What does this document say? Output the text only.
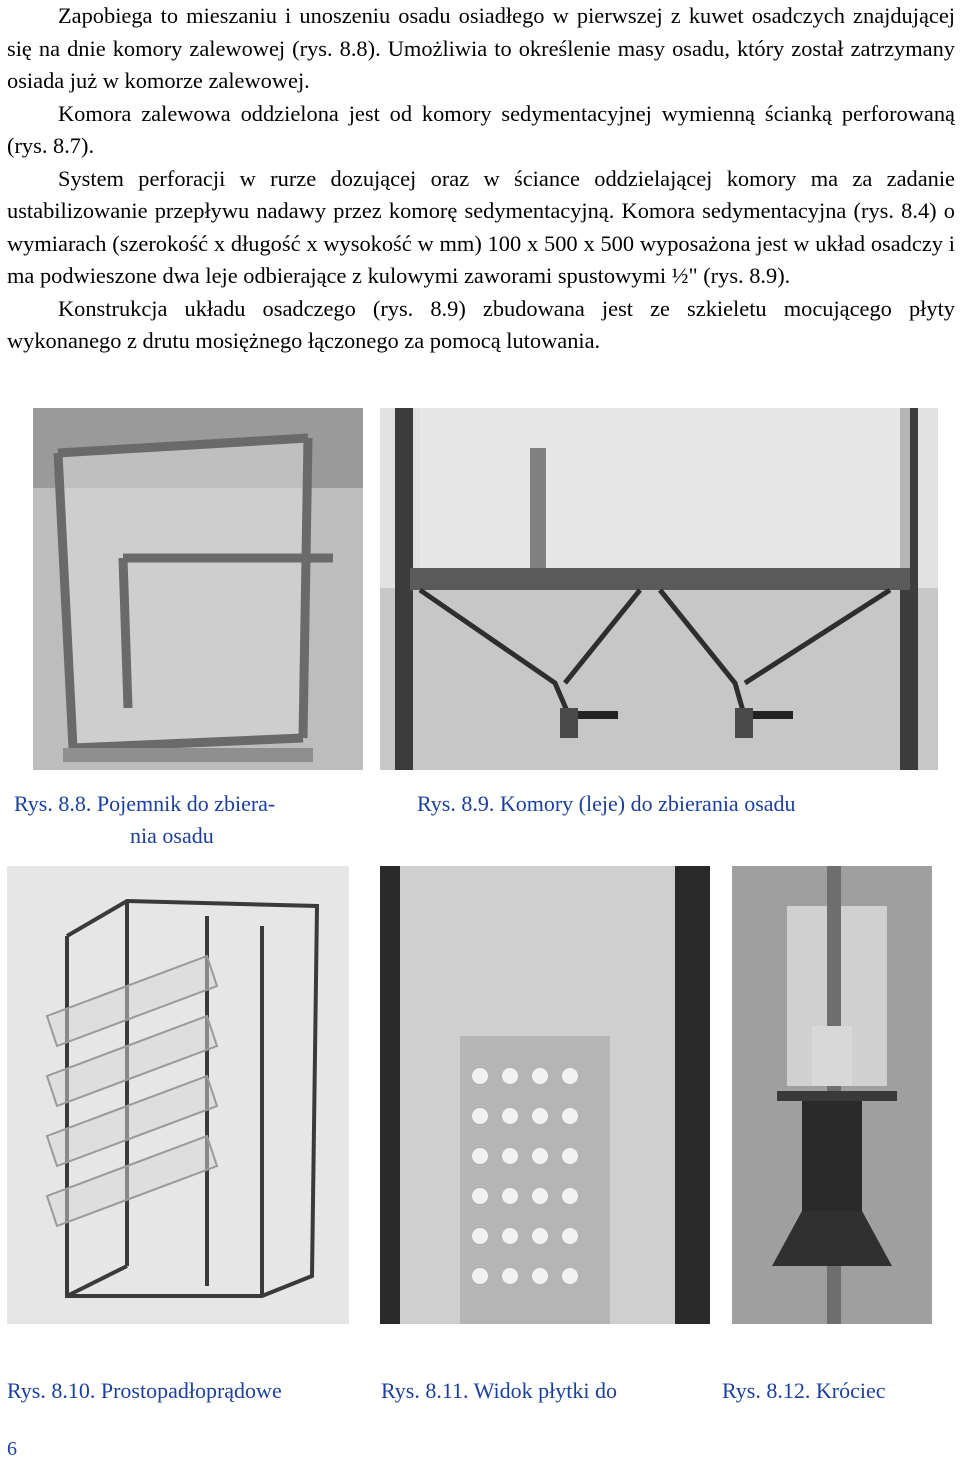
Zapobiega to mieszaniu i unoszeniu osadu osiadłego w pierwszej z kuwet osadczych znajdującej się na dnie komory zalewowej (rys. 8.8). Umożliwia to określenie masy osadu, który został zatrzymany osiada już w komorze zalewowej.

Komora zalewowa oddzielona jest od komory sedymentacyjnej wymienną ścianką perforowaną (rys. 8.7).

System perforacji w rurze dozującej oraz w ściance oddzielającej komory ma za zadanie ustabilizowanie przepływu nadawy przez komorę sedymentacyjną. Komora sedymentacyjna (rys. 8.4) o wymiarach (szerokość x długość x wysokość w mm) 100 x 500 x 500 wyposażona jest w układ osadczy i ma podwieszone dwa leje odbierające z kulowymi zaworami spustowymi ½" (rys. 8.9).

Konstrukcja układu osadczego (rys. 8.9) zbudowana jest ze szkieletu mocującego płyty wykonanego z drutu mosiężnego łączonego za pomocą lutowania.

Rys. 8.8. Pojemnik do zbiera-
nia osadu
Rys. 8.9. Komory (leje) do zbierania osadu
Rys. 8.10. Prostopadłoprądowe	Rys. 8.11. Widok płytki do	Rys. 8.12. Króciec
6
